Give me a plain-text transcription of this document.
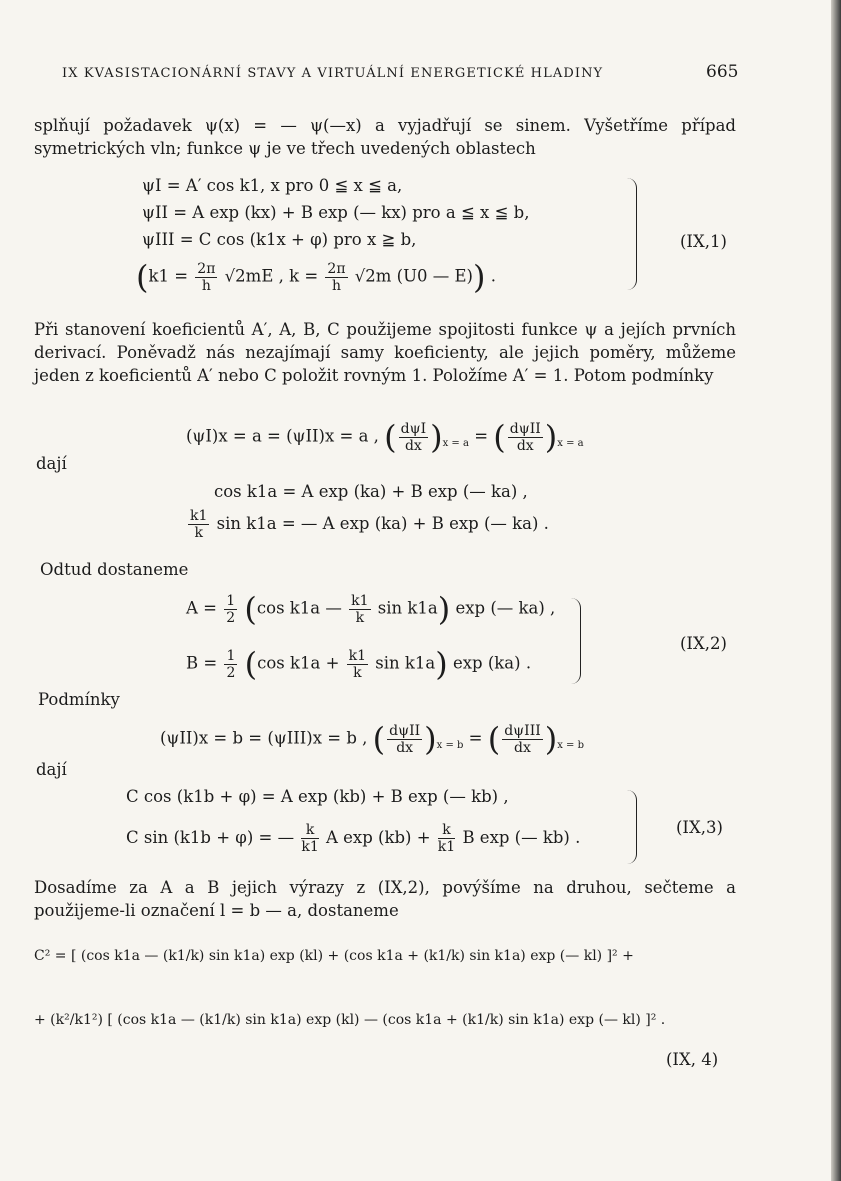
IX KVASISTACIONÁRNÍ STAVY A VIRTUÁLNÍ ENERGETICKÉ HLADINY	665

splňují požadavek ψ(x) = — ψ(—x) a vyjadřují se sinem. Vyšetříme případ symetrických vln; funkce ψ je ve třech uvedených oblastech

ψI = A′ cos k1, x pro 0 ≦ x ≦ a,
ψII = A exp (kx) + B exp (— kx) pro a ≦ x ≦ b,
ψIII = C cos (k1x + φ) pro x ≧ b,
($k1 = \frac{2\pi}{h} √2mE$ , $k = \frac{2\pi}{h} √2m$ (U0 — E)) .
(IX,1)

Při stanovení koeficientů A′, A, B, C použijeme spojitosti funkce ψ a jejích prvních derivací. Poněvadž nás nezajímají samy koeficienty, ale jejich poměry, můžeme jeden z koeficientů A′ nebo C položit rovným 1. Položíme A′ = 1. Potom podmínky

(ψI)x = a = (ψII)x = a , ( $\frac{\text{dψI}}{dx} )_{x = a}$ = ( $\frac{\text{dψII}}{dx} )_{x = a}$
dají
cos k1a = A exp (ka) + B exp (— ka) ,
$\frac{k1}{k}$ sin k1a = — A exp (ka) + B exp (— ka) .
Odtud dostaneme
$A = \frac{1}{2} (\cos$ k1a — $\frac{k1}{k}$ sin k1a) exp (— ka) ,
$B = \frac{1}{2} (\cos$ $k1a + \frac{k1}{k}$ sin k1a) exp (ka) .
(IX,2)
Podmínky
(ψII)x = b = (ψIII)x = b , ( $\frac{\text{dψII}}{dx} )_{x = b}$ = ( $\frac{\text{dψIII}}{dx} )_{x = b}$
dají
C cos (k1b + φ) = A exp (kb) + B exp (— kb) ,
C sin (k1b + φ) = — $\frac{k}{k1}$ A $\exp (kb) + \frac{k}{k1}$ B exp (— kb) .
(IX,3)

Dosadíme za A a B jejich výrazy z (IX,2), povýšíme na druhou, sečteme a použijeme-li označení l = b — a, dostaneme

C² = [ (cos k1a — (k1/k) sin k1a) exp (kl) + (cos k1a + (k1/k) sin k1a) exp (— kl) ]² +
+ (k²/k1²) [ (cos k1a — (k1/k) sin k1a) exp (kl) — (cos k1a + (k1/k) sin k1a) exp (— kl) ]² .
(IX, 4)
